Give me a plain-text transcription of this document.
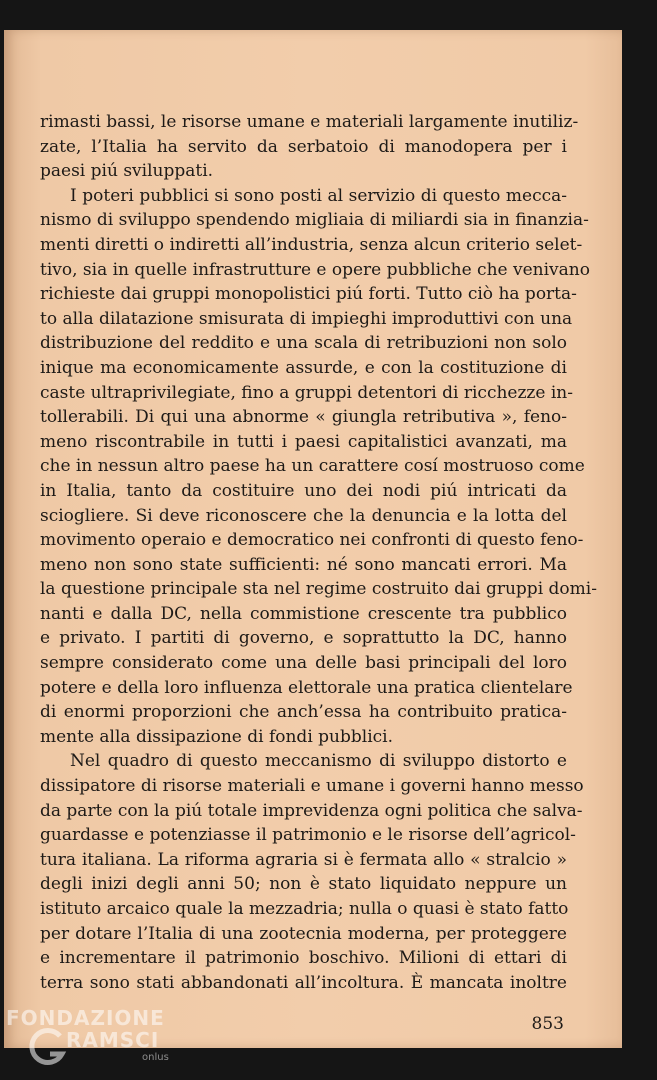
rimasti bassi, le risorse umane e materiali largamente inutiliz-
zate, l’Italia ha servito da serbatoio di manodopera per i
paesi piú sviluppati.
I poteri pubblici si sono posti al servizio di questo mecca-
nismo di sviluppo spendendo migliaia di miliardi sia in finanzia-
menti diretti o indiretti all’industria, senza alcun criterio selet-
tivo, sia in quelle infrastrutture e opere pubbliche che venivano
richieste dai gruppi monopolistici piú forti. Tutto ciò ha porta-
to alla dilatazione smisurata di impieghi improduttivi con una
distribuzione del reddito e una scala di retribuzioni non solo
inique ma economicamente assurde, e con la costituzione di
caste ultraprivilegiate, fino a gruppi detentori di ricchezze in-
tollerabili. Di qui una abnorme « giungla retributiva », feno-
meno riscontrabile in tutti i paesi capitalistici avanzati, ma
che in nessun altro paese ha un carattere cosí mostruoso come
in Italia, tanto da costituire uno dei nodi piú intricati da
sciogliere. Si deve riconoscere che la denuncia e la lotta del
movimento operaio e democratico nei confronti di questo feno-
meno non sono state sufficienti: né sono mancati errori. Ma
la questione principale sta nel regime costruito dai gruppi domi-
nanti e dalla DC, nella commistione crescente tra pubblico
e privato. I partiti di governo, e soprattutto la DC, hanno
sempre considerato come una delle basi principali del loro
potere e della loro influenza elettorale una pratica clientelare
di enormi proporzioni che anch’essa ha contribuito pratica-
mente alla dissipazione di fondi pubblici.
Nel quadro di questo meccanismo di sviluppo distorto e
dissipatore di risorse materiali e umane i governi hanno messo
da parte con la piú totale imprevidenza ogni politica che salva-
guardasse e potenziasse il patrimonio e le risorse dell’agricol-
tura italiana. La riforma agraria si è fermata allo « stralcio »
degli inizi degli anni 50; non è stato liquidato neppure un
istituto arcaico quale la mezzadria; nulla o quasi è stato fatto
per dotare l’Italia di una zootecnia moderna, per proteggere
e incrementare il patrimonio boschivo. Milioni di ettari di
terra sono stati abbandonati all’incoltura. È mancata inoltre
853
FONDAZIONE
RAMSCI
onlus
